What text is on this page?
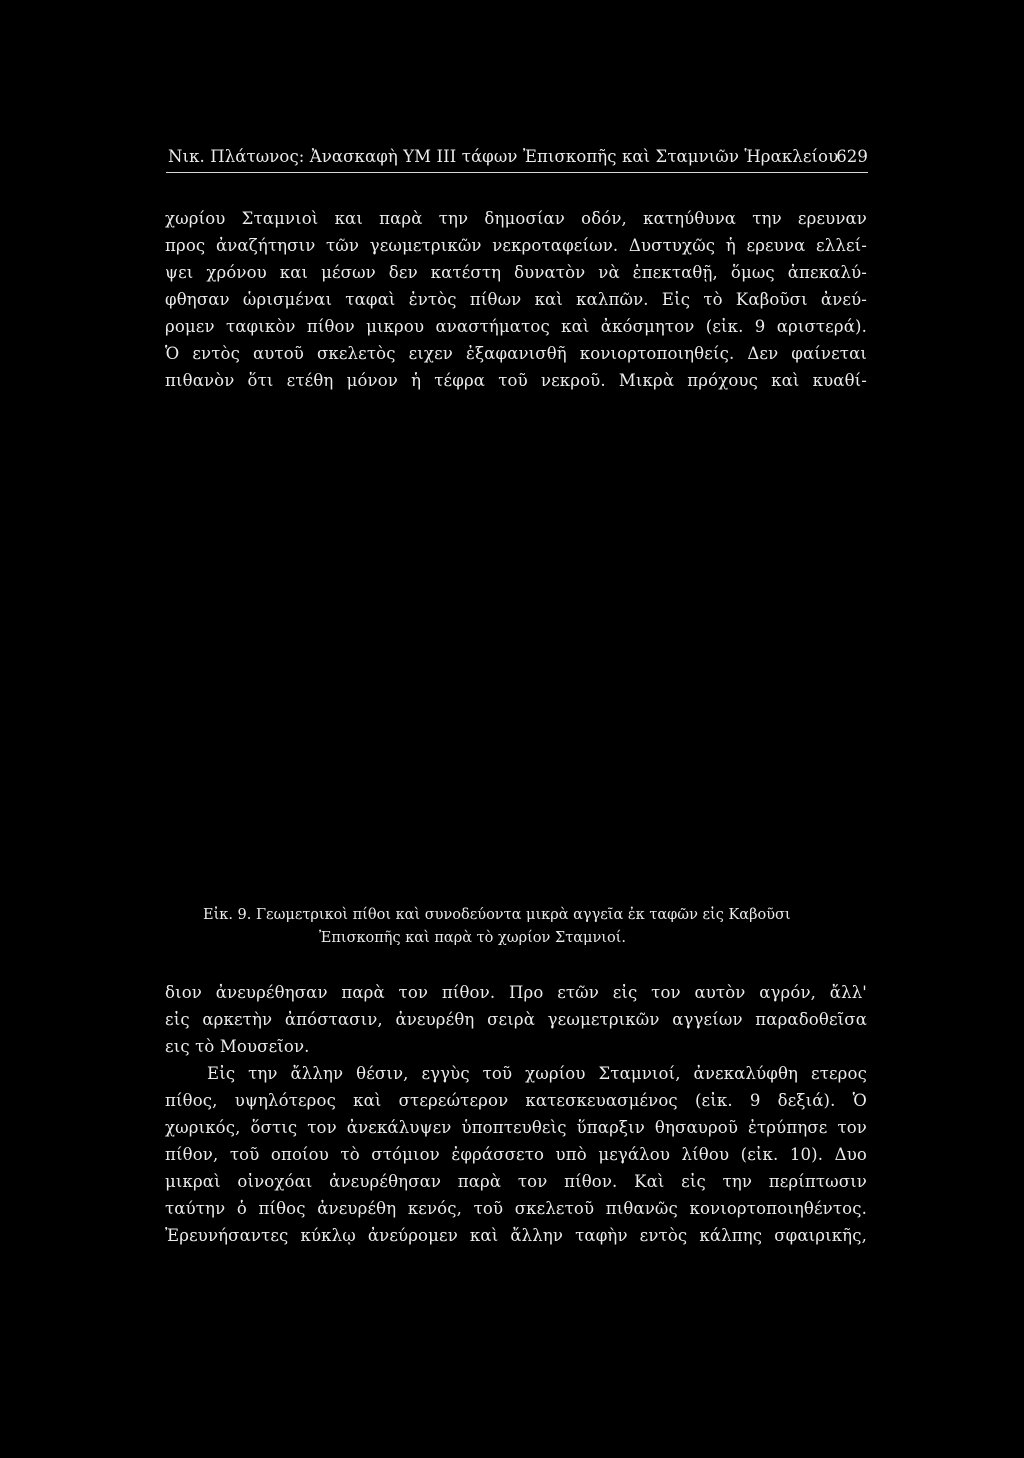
Νικ. Πλάτωνος: Ἀνασκαφὴ ΥΜ ΙΙΙ τάφων Ἐπισκοπῆς καὶ Σταμνιῶν Ἡρακλείου
629
χωρίου Σταμνιοὶ και παρὰ την δημοσίαν οδόν, κατηύθυνα την ερευναν
προς ἀναζήτησιν τῶν γεωμετρικῶν νεκροταφείων. Δυστυχῶς ἡ ερευνα ελλεί-
ψει χρόνου και μέσων δεν κατέστη δυνατὸν νὰ ἐπεκταθῇ, ὅμως ἀπεκαλύ-
φθησαν ὡρισμέναι ταφαὶ ἐντὸς πίθων καὶ καλπῶν. Εἰς τὸ Καβοῦσι ἀνεύ-
ρομεν ταφικὸν πίθον μικρου αναστήματος καὶ ἀκόσμητον (εἰκ. 9 αριστερά).
Ὁ εντὸς αυτοῦ σκελετὸς ειχεν ἐξαφανισθῆ κονιορτοποιηθείς. Δεν φαίνεται
πιθανὸν ὅτι ετέθη μόνον ἡ τέφρα τοῦ νεκροῦ. Μικρὰ πρόχους καὶ κυαθί-
Εἰκ. 9. Γεωμετρικοὶ πίθοι καὶ συνοδεύοντα μικρὰ αγγεῖα ἐκ ταφῶν εἰς Καβοῦσι
Ἐπισκοπῆς καὶ παρὰ τὸ χωρίον Σταμνιοί.
διον ἀνευρέθησαν παρὰ τον πίθον. Προ ετῶν εἰς τον αυτὸν αγρόν, ἄλλ'
εἰς αρκετὴν ἀπόστασιν, ἀνευρέθη σειρὰ γεωμετρικῶν αγγείων παραδοθεῖσα
εις τὸ Μουσεῖον.
Εἰς την ἄλλην θέσιν, εγγὺς τοῦ χωρίου Σταμνιοί, ἀνεκαλύφθη ετερος
πίθος, υψηλότερος καὶ στερεώτερον κατεσκευασμένος (εἰκ. 9 δεξιά). Ὁ
χωρικός, ὅστις τον ἀνεκάλυψεν ὑποπτευθεὶς ὕπαρξιν θησαυροῦ ἐτρύπησε τον
πίθον, τοῦ οποίου τὸ στόμιον ἐφράσσετο υπὸ μεγάλου λίθου (εἰκ. 10). Δυο
μικραὶ οἰνοχόαι ἀνευρέθησαν παρὰ τον πίθον. Καὶ εἰς την περίπτωσιν
ταύτην ὁ πίθος ἀνευρέθη κενός, τοῦ σκελετοῦ πιθανῶς κονιορτοποιηθέντος.
Ἐρευνήσαντες κύκλῳ ἀνεύρομεν καὶ ἄλλην ταφὴν εντὸς κάλπης σφαιρικῆς,
